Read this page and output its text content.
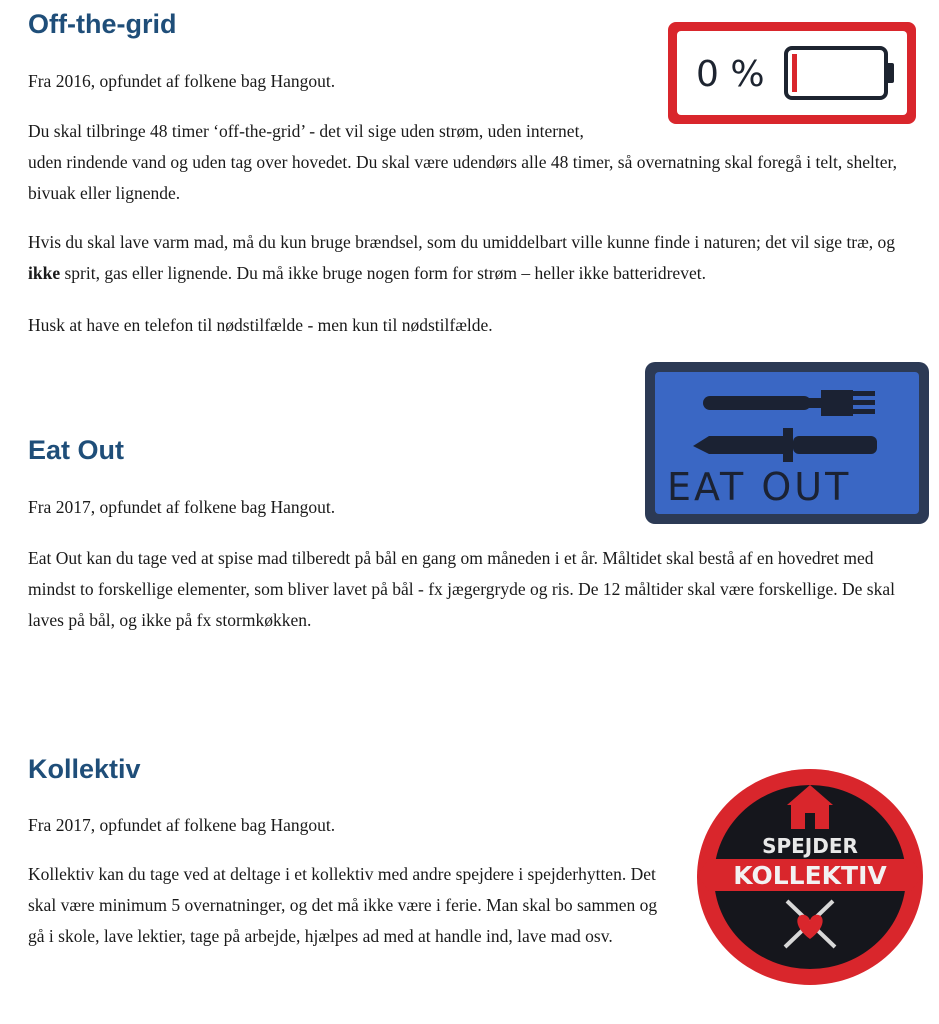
Off-the-grid

Fra 2016, opfundet af folkene bag Hangout.

Du skal tilbringe 48 timer ‘off-the-grid’ - det vil sige uden strøm, uden internet,

uden rindende vand og uden tag over hovedet. Du skal være udendørs alle 48 timer, så overnatning skal foregå i telt, shelter, bivuak eller lignende.

Hvis du skal lave varm mad, må du kun bruge brændsel, som du umiddelbart ville kunne finde i naturen; det vil sige træ, og ikke sprit, gas eller lignende. Du må ikke bruge nogen form for strøm – heller ikke batteridrevet.

Husk at have en telefon til nødstilfælde - men kun til nødstilfælde.

0 %
Eat Out

Fra 2017, opfundet af folkene bag Hangout.

Eat Out kan du tage ved at spise mad tilberedt på bål en gang om måneden i et år. Måltidet skal bestå af en hovedret med mindst to forskellige elementer, som bliver lavet på bål - fx jægergryde og ris. De 12 måltider skal være forskellige. De skal laves på bål, og ikke på fx stormkøkken.

EAT OUT
Kollektiv

Fra 2017, opfundet af folkene bag Hangout.

Kollektiv kan du tage ved at deltage i et kollektiv med andre spejdere i spejderhytten. Det skal være minimum 5 overnatninger, og det må ikke være i ferie. Man skal bo sammen og gå i skole, lave lektier, tage på arbejde, hjælpes ad med at handle ind, lave mad osv.

SPEJDER
KOLLEKTIV
